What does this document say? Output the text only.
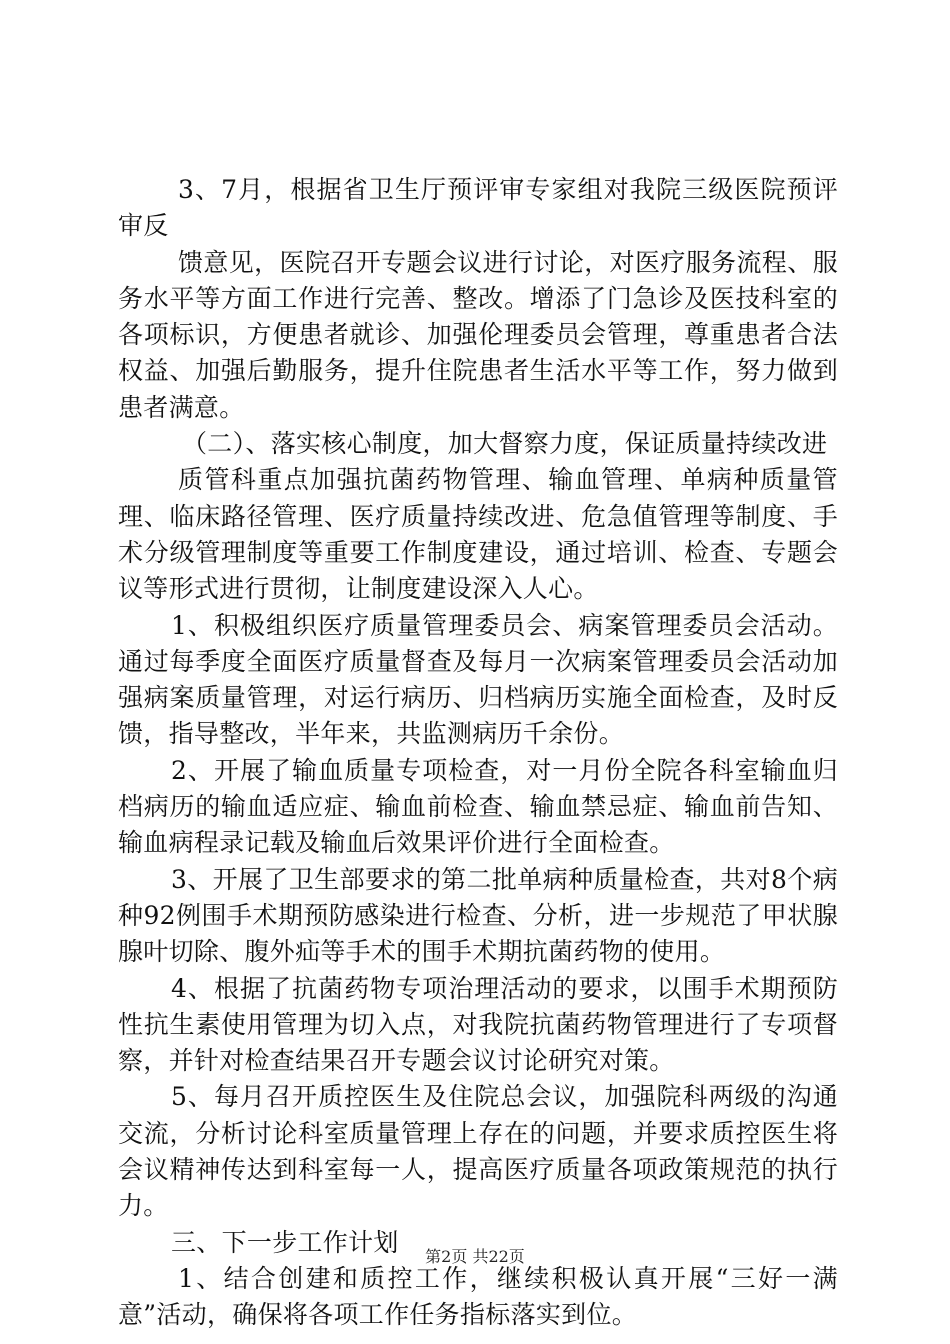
3、7月，根据省卫生厅预评审专家组对我院三级医院预评审反

馈意见，医院召开专题会议进行讨论，对医疗服务流程、服务水平等方面工作进行完善、整改。增添了门急诊及医技科室的各项标识，方便患者就诊、加强伦理委员会管理，尊重患者合法权益、加强后勤服务，提升住院患者生活水平等工作，努力做到患者满意。

（二）、落实核心制度，加大督察力度，保证质量持续改进

质管科重点加强抗菌药物管理、输血管理、单病种质量管理、临床路径管理、医疗质量持续改进、危急值管理等制度、手术分级管理制度等重要工作制度建设，通过培训、检查、专题会议等形式进行贯彻，让制度建设深入人心。

1、积极组织医疗质量管理委员会、病案管理委员会活动。通过每季度全面医疗质量督查及每月一次病案管理委员会活动加强病案质量管理，对运行病历、归档病历实施全面检查，及时反馈，指导整改，半年来，共监测病历千余份。

2、开展了输血质量专项检查，对一月份全院各科室输血归档病历的输血适应症、输血前检查、输血禁忌症、输血前告知、输血病程录记载及输血后效果评价进行全面检查。

3、开展了卫生部要求的第二批单病种质量检查，共对8个病种92例围手术期预防感染进行检查、分析，进一步规范了甲状腺腺叶切除、腹外疝等手术的围手术期抗菌药物的使用。

4、根据了抗菌药物专项治理活动的要求，以围手术期预防性抗生素使用管理为切入点，对我院抗菌药物管理进行了专项督察，并针对检查结果召开专题会议讨论研究对策。

5、每月召开质控医生及住院总会议，加强院科两级的沟通交流，分析讨论科室质量管理上存在的问题，并要求质控医生将会议精神传达到科室每一人，提高医疗质量各项政策规范的执行力。

三、下一步工作计划

1、结合创建和质控工作，继续积极认真开展“三好一满意”活动，确保将各项工作任务指标落实到位。

第2页 共22页
